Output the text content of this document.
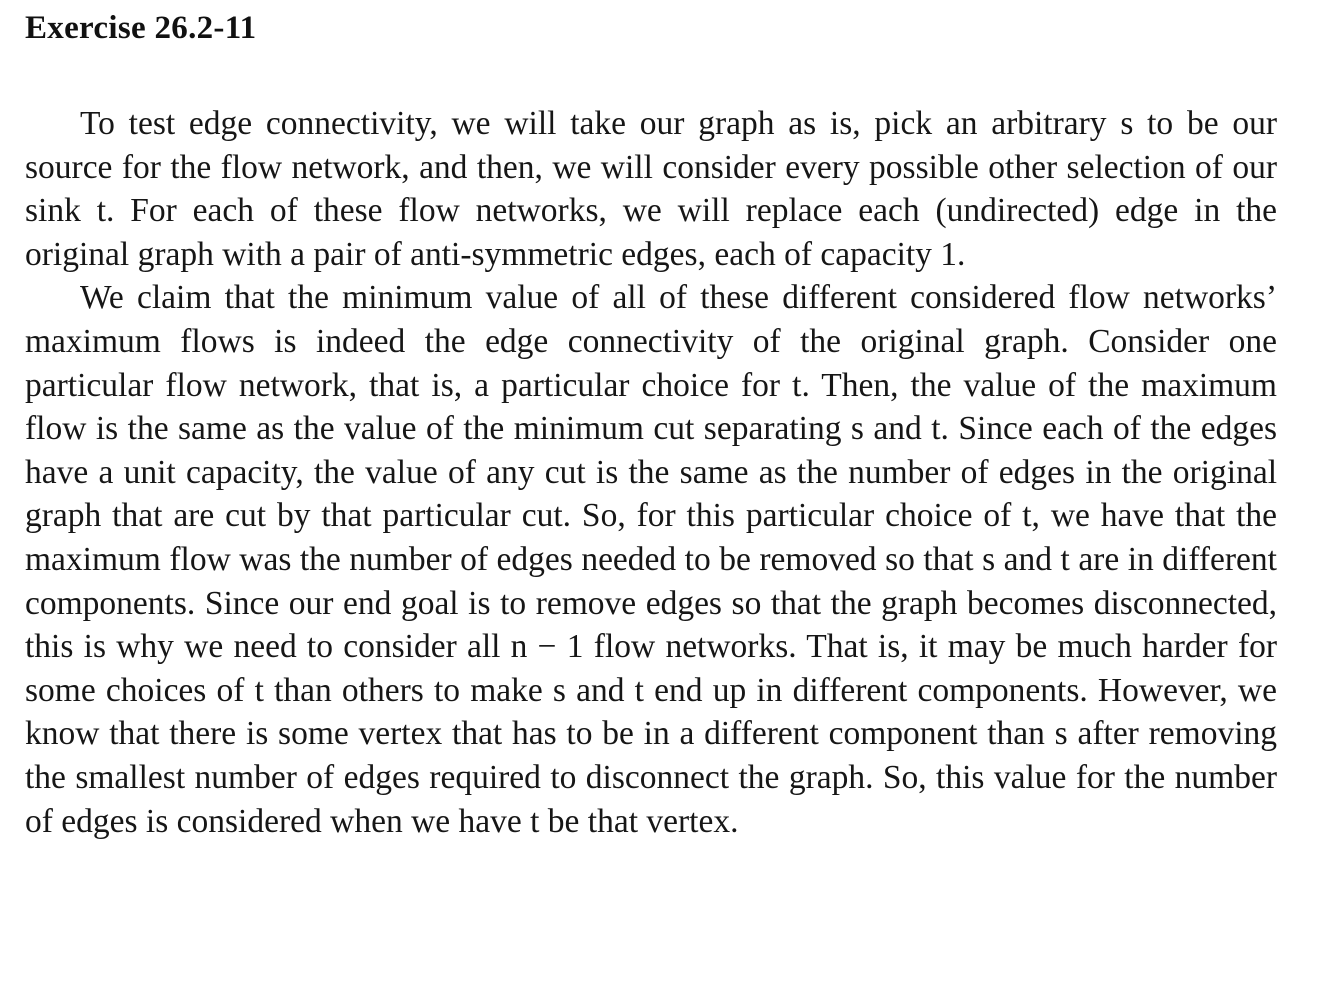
Exercise 26.2-11

To test edge connectivity, we will take our graph as is, pick an arbitrary s to be our source for the flow network, and then, we will consider every possible other selection of our sink t. For each of these flow networks, we will replace each (undirected) edge in the original graph with a pair of anti-symmetric edges, each of capacity 1.

We claim that the minimum value of all of these different considered flow networks’ maximum flows is indeed the edge connectivity of the original graph. Consider one particular flow network, that is, a particular choice for t. Then, the value of the maximum flow is the same as the value of the minimum cut separating s and t. Since each of the edges have a unit capacity, the value of any cut is the same as the number of edges in the original graph that are cut by that particular cut. So, for this particular choice of t, we have that the maximum flow was the number of edges needed to be removed so that s and t are in different components. Since our end goal is to remove edges so that the graph becomes disconnected, this is why we need to consider all n − 1 flow networks. That is, it may be much harder for some choices of t than others to make s and t end up in different components. However, we know that there is some vertex that has to be in a different component than s after removing the smallest number of edges required to disconnect the graph. So, this value for the number of edges is considered when we have t be that vertex.
